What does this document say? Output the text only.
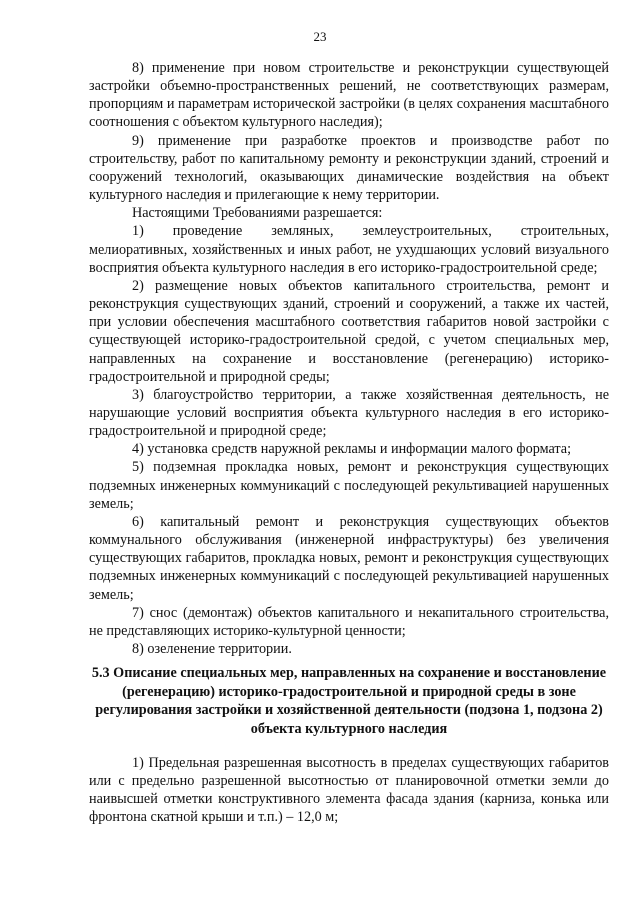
23

8) применение при новом строительстве и реконструкции существующей застройки объемно-пространственных решений, не соответствующих размерам, пропорциям и параметрам исторической застройки (в целях сохранения масштабного соотношения с объектом культурного наследия);

9) применение при разработке проектов и производстве работ по строительству, работ по капитальному ремонту и реконструкции зданий, строений и сооружений технологий, оказывающих динамические воздействия на объект культурного наследия и прилегающие к нему территории.

Настоящими Требованиями разрешается:

1) проведение земляных, землеустроительных, строительных, мелиоративных, хозяйственных и иных работ, не ухудшающих условий визуального восприятия объекта культурного наследия в его историко-градостроительной среде;

2) размещение новых объектов капитального строительства, ремонт и реконструкция существующих зданий, строений и сооружений, а также их частей, при условии обеспечения масштабного соответствия габаритов новой застройки с существующей историко-градостроительной средой, с учетом специальных мер, направленных на сохранение и восстановление (регенерацию) историко-градостроительной и природной среды;

3) благоустройство территории, а также хозяйственная деятельность, не нарушающие условий восприятия объекта культурного наследия в его историко-градостроительной и природной среде;

4) установка средств наружной рекламы и информации малого формата;

5) подземная прокладка новых, ремонт и реконструкция существующих подземных инженерных коммуникаций с последующей рекультивацией нарушенных земель;

6) капитальный ремонт и реконструкция существующих объектов коммунального обслуживания (инженерной инфраструктуры) без увеличения существующих габаритов, прокладка новых, ремонт и реконструкция существующих подземных инженерных коммуникаций с последующей рекультивацией нарушенных земель;

7) снос (демонтаж) объектов капитального и некапитального строительства, не представляющих историко-культурной ценности;

8) озеленение территории.

5.3 Описание специальных мер, направленных на сохранение и восстановление (регенерацию) историко-градостроительной и природной среды в зоне регулирования застройки и хозяйственной деятельности (подзона 1, подзона 2) объекта культурного наследия

1) Предельная разрешенная высотность в пределах существующих габаритов или с предельно разрешенной высотностью от планировочной отметки земли до наивысшей отметки конструктивного элемента фасада здания (карниза, конька или фронтона скатной крыши и т.п.) – 12,0 м;
